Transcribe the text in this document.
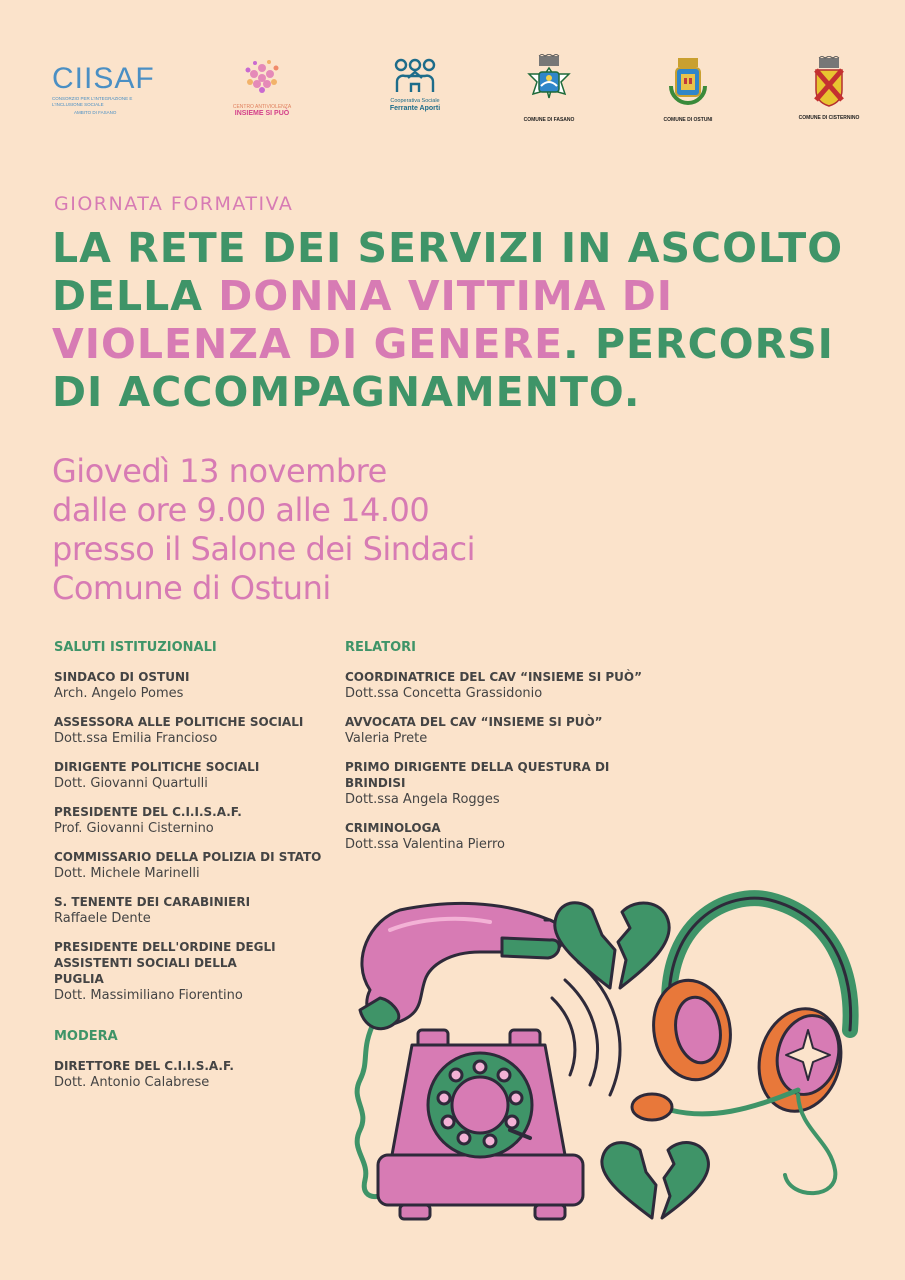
CIISAF
CONSORZIO PER L'INTEGRAZIONE E L'INCLUSIONE SOCIALE
AMBITO DI FASANO
CENTRO ANTIVIOLENZA
INSIEME SI PUÒ
Cooperativa Sociale
Ferrante Aporti
COMUNE DI FASANO	COMUNE DI OSTUNI	COMUNE DI CISTERNINO
GIORNATA FORMATIVA
LA RETE DEI SERVIZI IN ASCOLTO DELLA DONNA VITTIMA DI VIOLENZA DI GENERE. PERCORSI DI ACCOMPAGNAMENTO.
Giovedì 13 novembre
dalle ore 9.00 alle 14.00
presso il Salone dei Sindaci
Comune di Ostuni
SALUTI ISTITUZIONALI
SINDACO DI OSTUNI
Arch. Angelo Pomes
ASSESSORA ALLE POLITICHE SOCIALI
Dott.ssa Emilia Francioso
DIRIGENTE POLITICHE SOCIALI
Dott. Giovanni Quartulli
PRESIDENTE DEL C.I.I.S.A.F.
Prof. Giovanni Cisternino
COMMISSARIO DELLA POLIZIA DI STATO
Dott. Michele Marinelli
S. TENENTE DEI CARABINIERI
Raffaele Dente
PRESIDENTE DELL'ORDINE DEGLI ASSISTENTI SOCIALI DELLA PUGLIA
Dott. Massimiliano Fiorentino
MODERA
DIRETTORE DEL C.I.I.S.A.F.
Dott. Antonio Calabrese
RELATORI
COORDINATRICE DEL CAV “INSIEME SI PUÒ”
Dott.ssa Concetta Grassidonio
AVVOCATA DEL CAV “INSIEME SI PUÒ”
Valeria Prete
PRIMO DIRIGENTE DELLA QUESTURA DI BRINDISI
Dott.ssa Angela Rogges
CRIMINOLOGA
Dott.ssa Valentina Pierro
